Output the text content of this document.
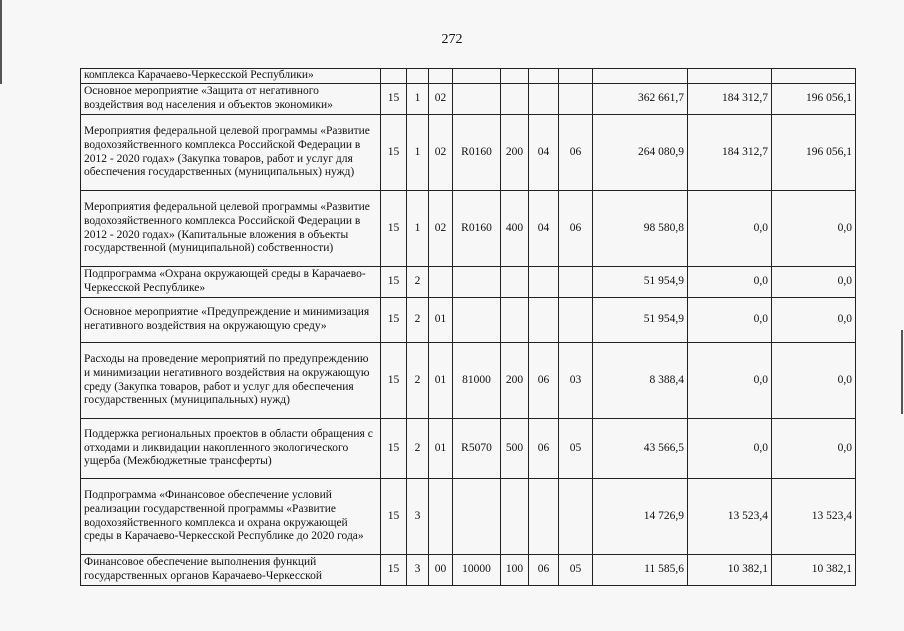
272
комплекса Карачаево-Черкесской Республики»										
Основное мероприятие «Защита от негативного воздействия вод населения и объектов экономики»	15	1	02					362 661,7	184 312,7	196 056,1
Мероприятия федеральной целевой программы «Развитие водохозяйственного комплекса Российской Федерации в 2012 - 2020 годах» (Закупка товаров, работ и услуг для обеспечения государственных (муниципальных) нужд)	15	1	02	R0160	200	04	06	264 080,9	184 312,7	196 056,1
Мероприятия федеральной целевой программы «Развитие водохозяйственного комплекса Российской Федерации в 2012 - 2020 годах» (Капитальные вложения в объекты государственной (муниципальной) собственности)	15	1	02	R0160	400	04	06	98 580,8	0,0	0,0
Подпрограмма «Охрана окружающей среды в Карачаево-Черкесской Республике»	15	2						51 954,9	0,0	0,0
Основное мероприятие «Предупреждение и минимизация негативного воздействия на окружающую среду»	15	2	01					51 954,9	0,0	0,0
Расходы на проведение мероприятий по предупреждению и минимизации негативного воздействия на окружающую среду (Закупка товаров, работ и услуг для обеспечения государственных (муниципальных) нужд)	15	2	01	81000	200	06	03	8 388,4	0,0	0,0
Поддержка региональных проектов в области обращения с отходами и ликвидации накопленного экологического ущерба (Межбюджетные трансферты)	15	2	01	R5070	500	06	05	43 566,5	0,0	0,0
Подпрограмма «Финансовое обеспечение условий реализации государственной программы «Развитие водохозяйственного комплекса и охрана окружающей среды в Карачаево-Черкесской Республике до 2020 года»	15	3						14 726,9	13 523,4	13 523,4
Финансовое обеспечение выполнения функций государственных органов Карачаево-Черкесской	15	3	00	10000	100	06	05	11 585,6	10 382,1	10 382,1
